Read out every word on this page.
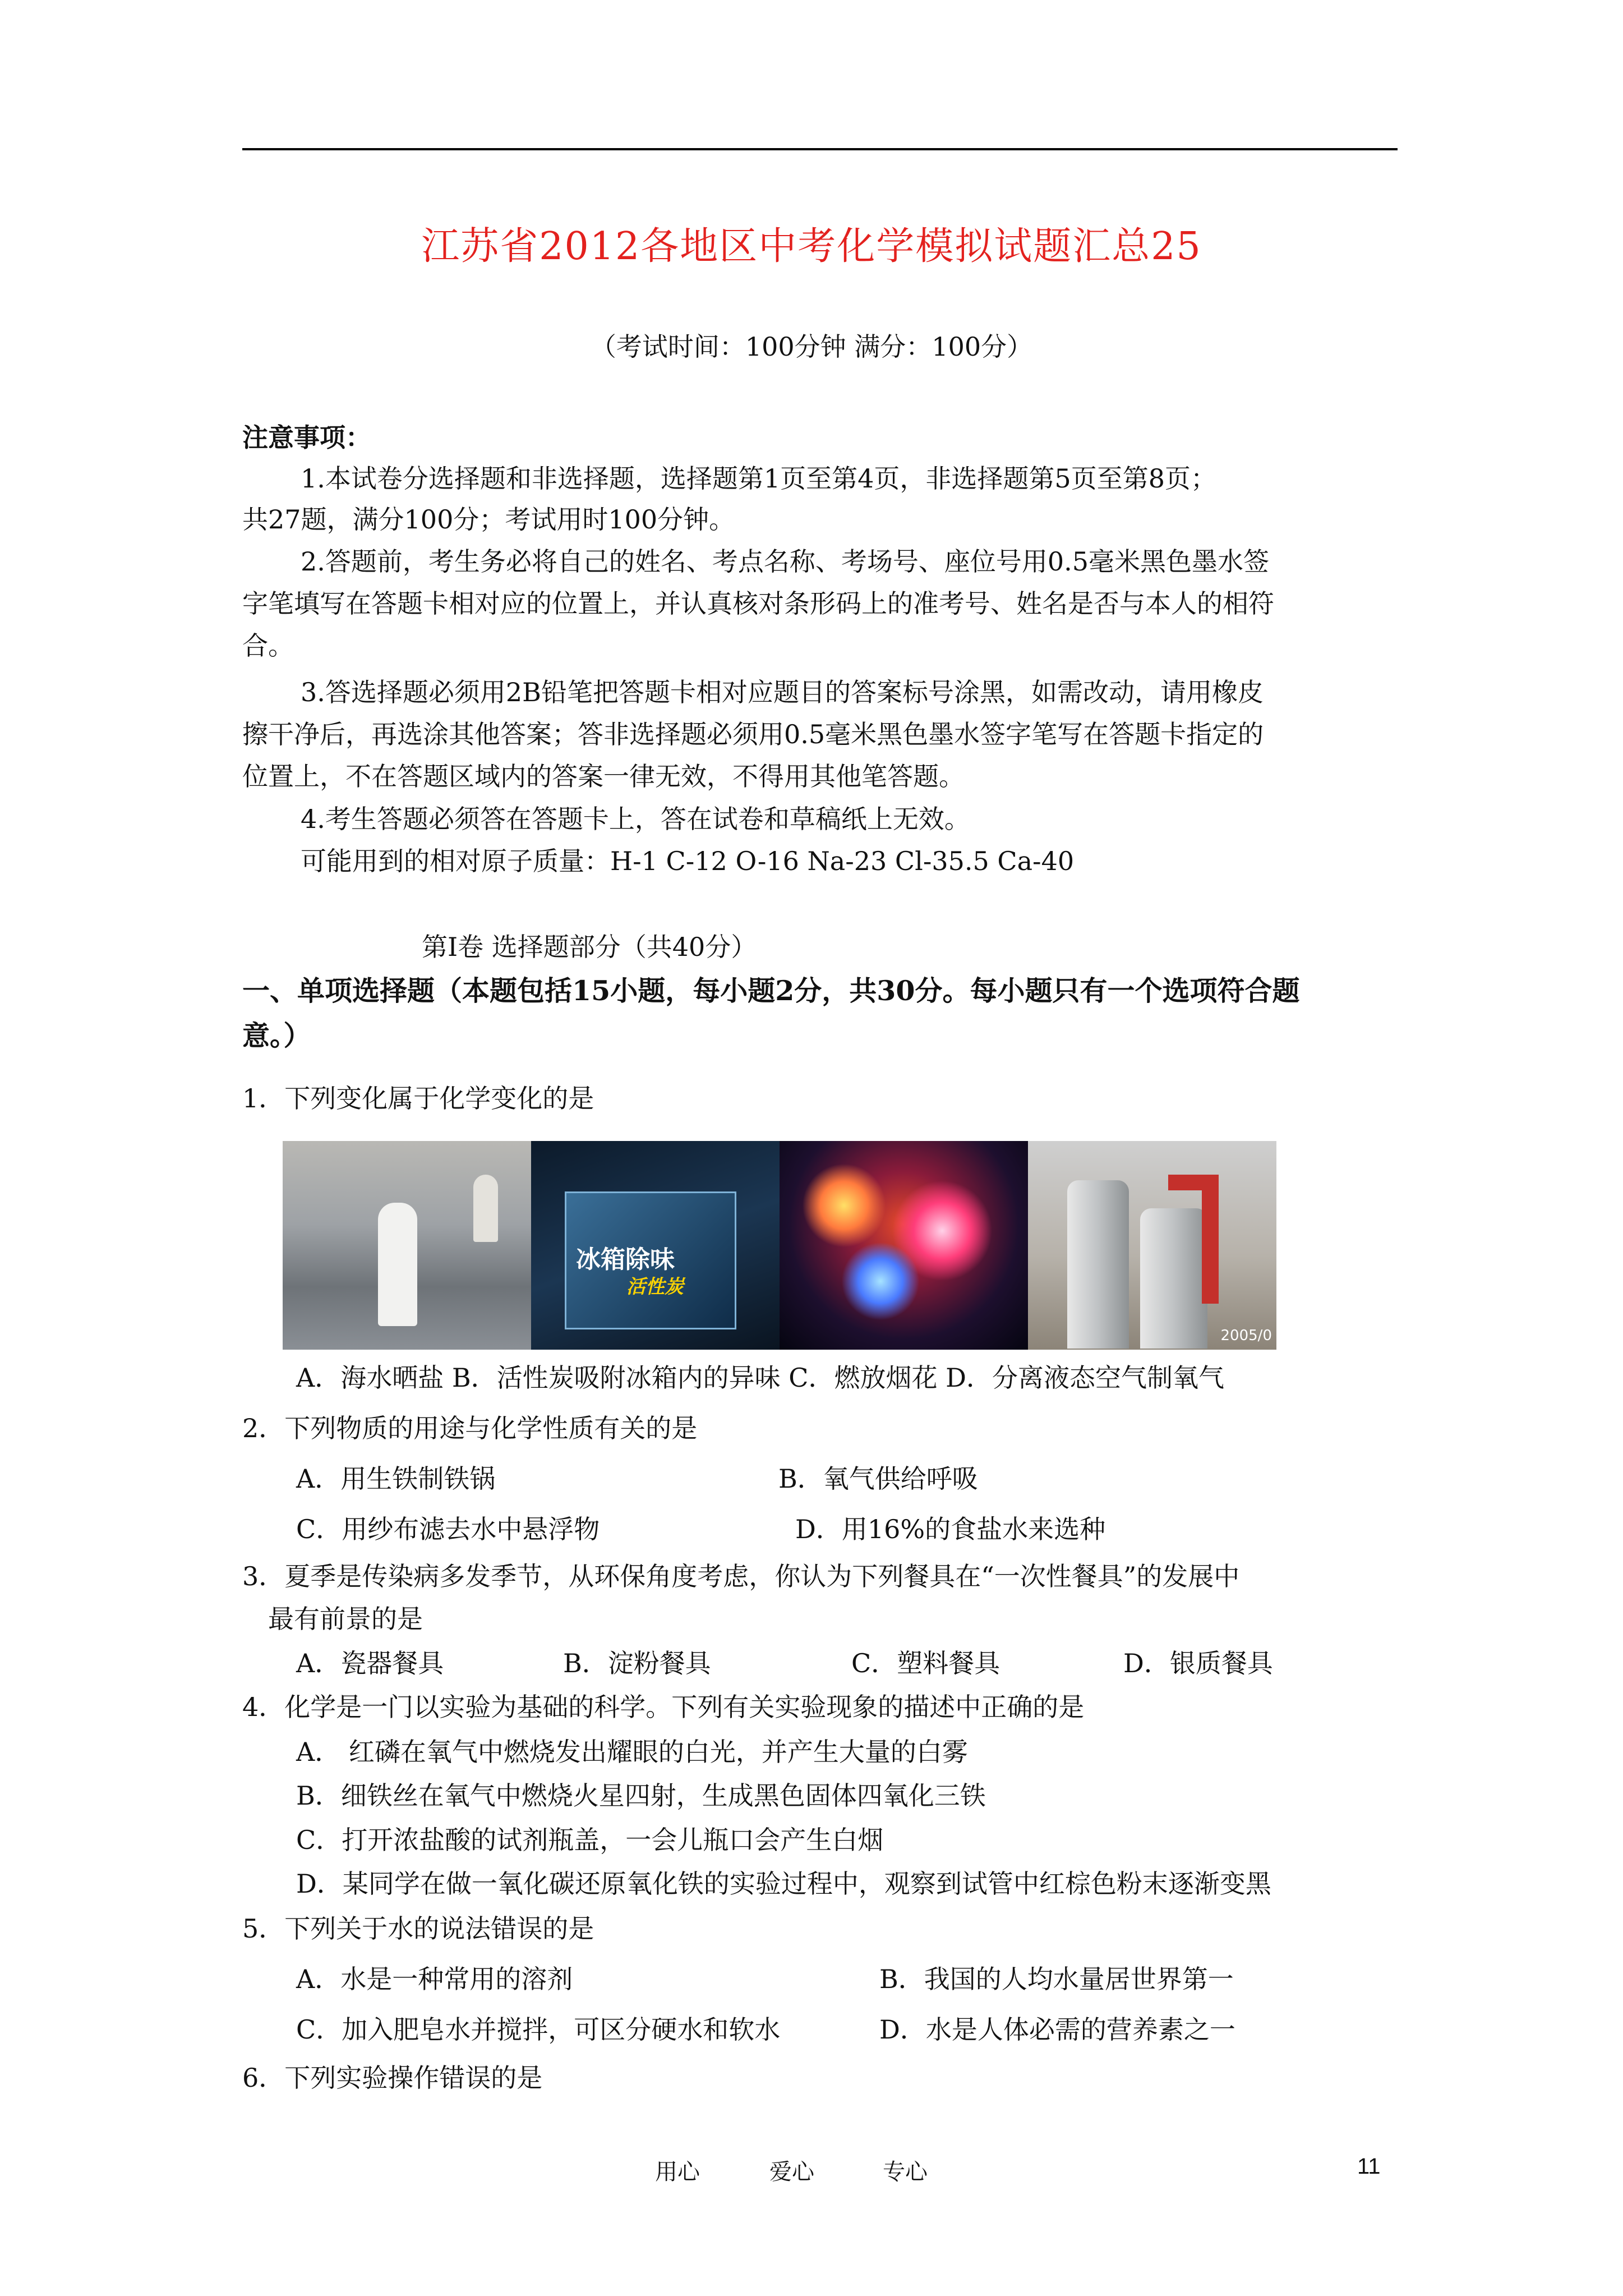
江苏省2012各地区中考化学模拟试题汇总25
（考试时间：100分钟 满分：100分）
注意事项：
1.本试卷分选择题和非选择题，选择题第1页至第4页，非选择题第5页至第8页；
共27题，满分100分；考试用时100分钟。
2.答题前，考生务必将自己的姓名、考点名称、考场号、座位号用0.5毫米黑色墨水签
字笔填写在答题卡相对应的位置上，并认真核对条形码上的准考号、姓名是否与本人的相符
合。
3.答选择题必须用2B铅笔把答题卡相对应题目的答案标号涂黑，如需改动，请用橡皮
擦干净后，再选涂其他答案；答非选择题必须用0.5毫米黑色墨水签字笔写在答题卡指定的
位置上，不在答题区域内的答案一律无效，不得用其他笔答题。
4.考生答题必须答在答题卡上，答在试卷和草稿纸上无效。
可能用到的相对原子质量：H-1 C-12 O-16 Na-23 Cl-35.5 Ca-40
第Ⅰ卷 选择题部分（共40分）
一、单项选择题（本题包括15小题，每小题2分，共30分。每小题只有一个选项符合题
意。）
1．下列变化属于化学变化的是
冰箱除味
活性炭
2005/0
A．海水晒盐 B．活性炭吸附冰箱内的异味 C．燃放烟花 D．分离液态空气制氧气
2．下列物质的用途与化学性质有关的是
A．用生铁制铁锅	B．氧气供给呼吸
C．用纱布滤去水中悬浮物	D．用16%的食盐水来选种
3．夏季是传染病多发季节，从环保角度考虑，你认为下列餐具在“一次性餐具”的发展中
最有前景的是
A．瓷器餐具	B．淀粉餐具	C．塑料餐具	D．银质餐具
4．化学是一门以实验为基础的科学。下列有关实验现象的描述中正确的是
A． 红磷在氧气中燃烧发出耀眼的白光，并产生大量的白雾
B．细铁丝在氧气中燃烧火星四射，生成黑色固体四氧化三铁
C．打开浓盐酸的试剂瓶盖，一会儿瓶口会产生白烟
D．某同学在做一氧化碳还原氧化铁的实验过程中，观察到试管中红棕色粉末逐渐变黑
5．下列关于水的说法错误的是
A．水是一种常用的溶剂	B．我国的人均水量居世界第一
C．加入肥皂水并搅拌，可区分硬水和软水	D．水是人体必需的营养素之一
6．下列实验操作错误的是
用心	爱心	专心	11
